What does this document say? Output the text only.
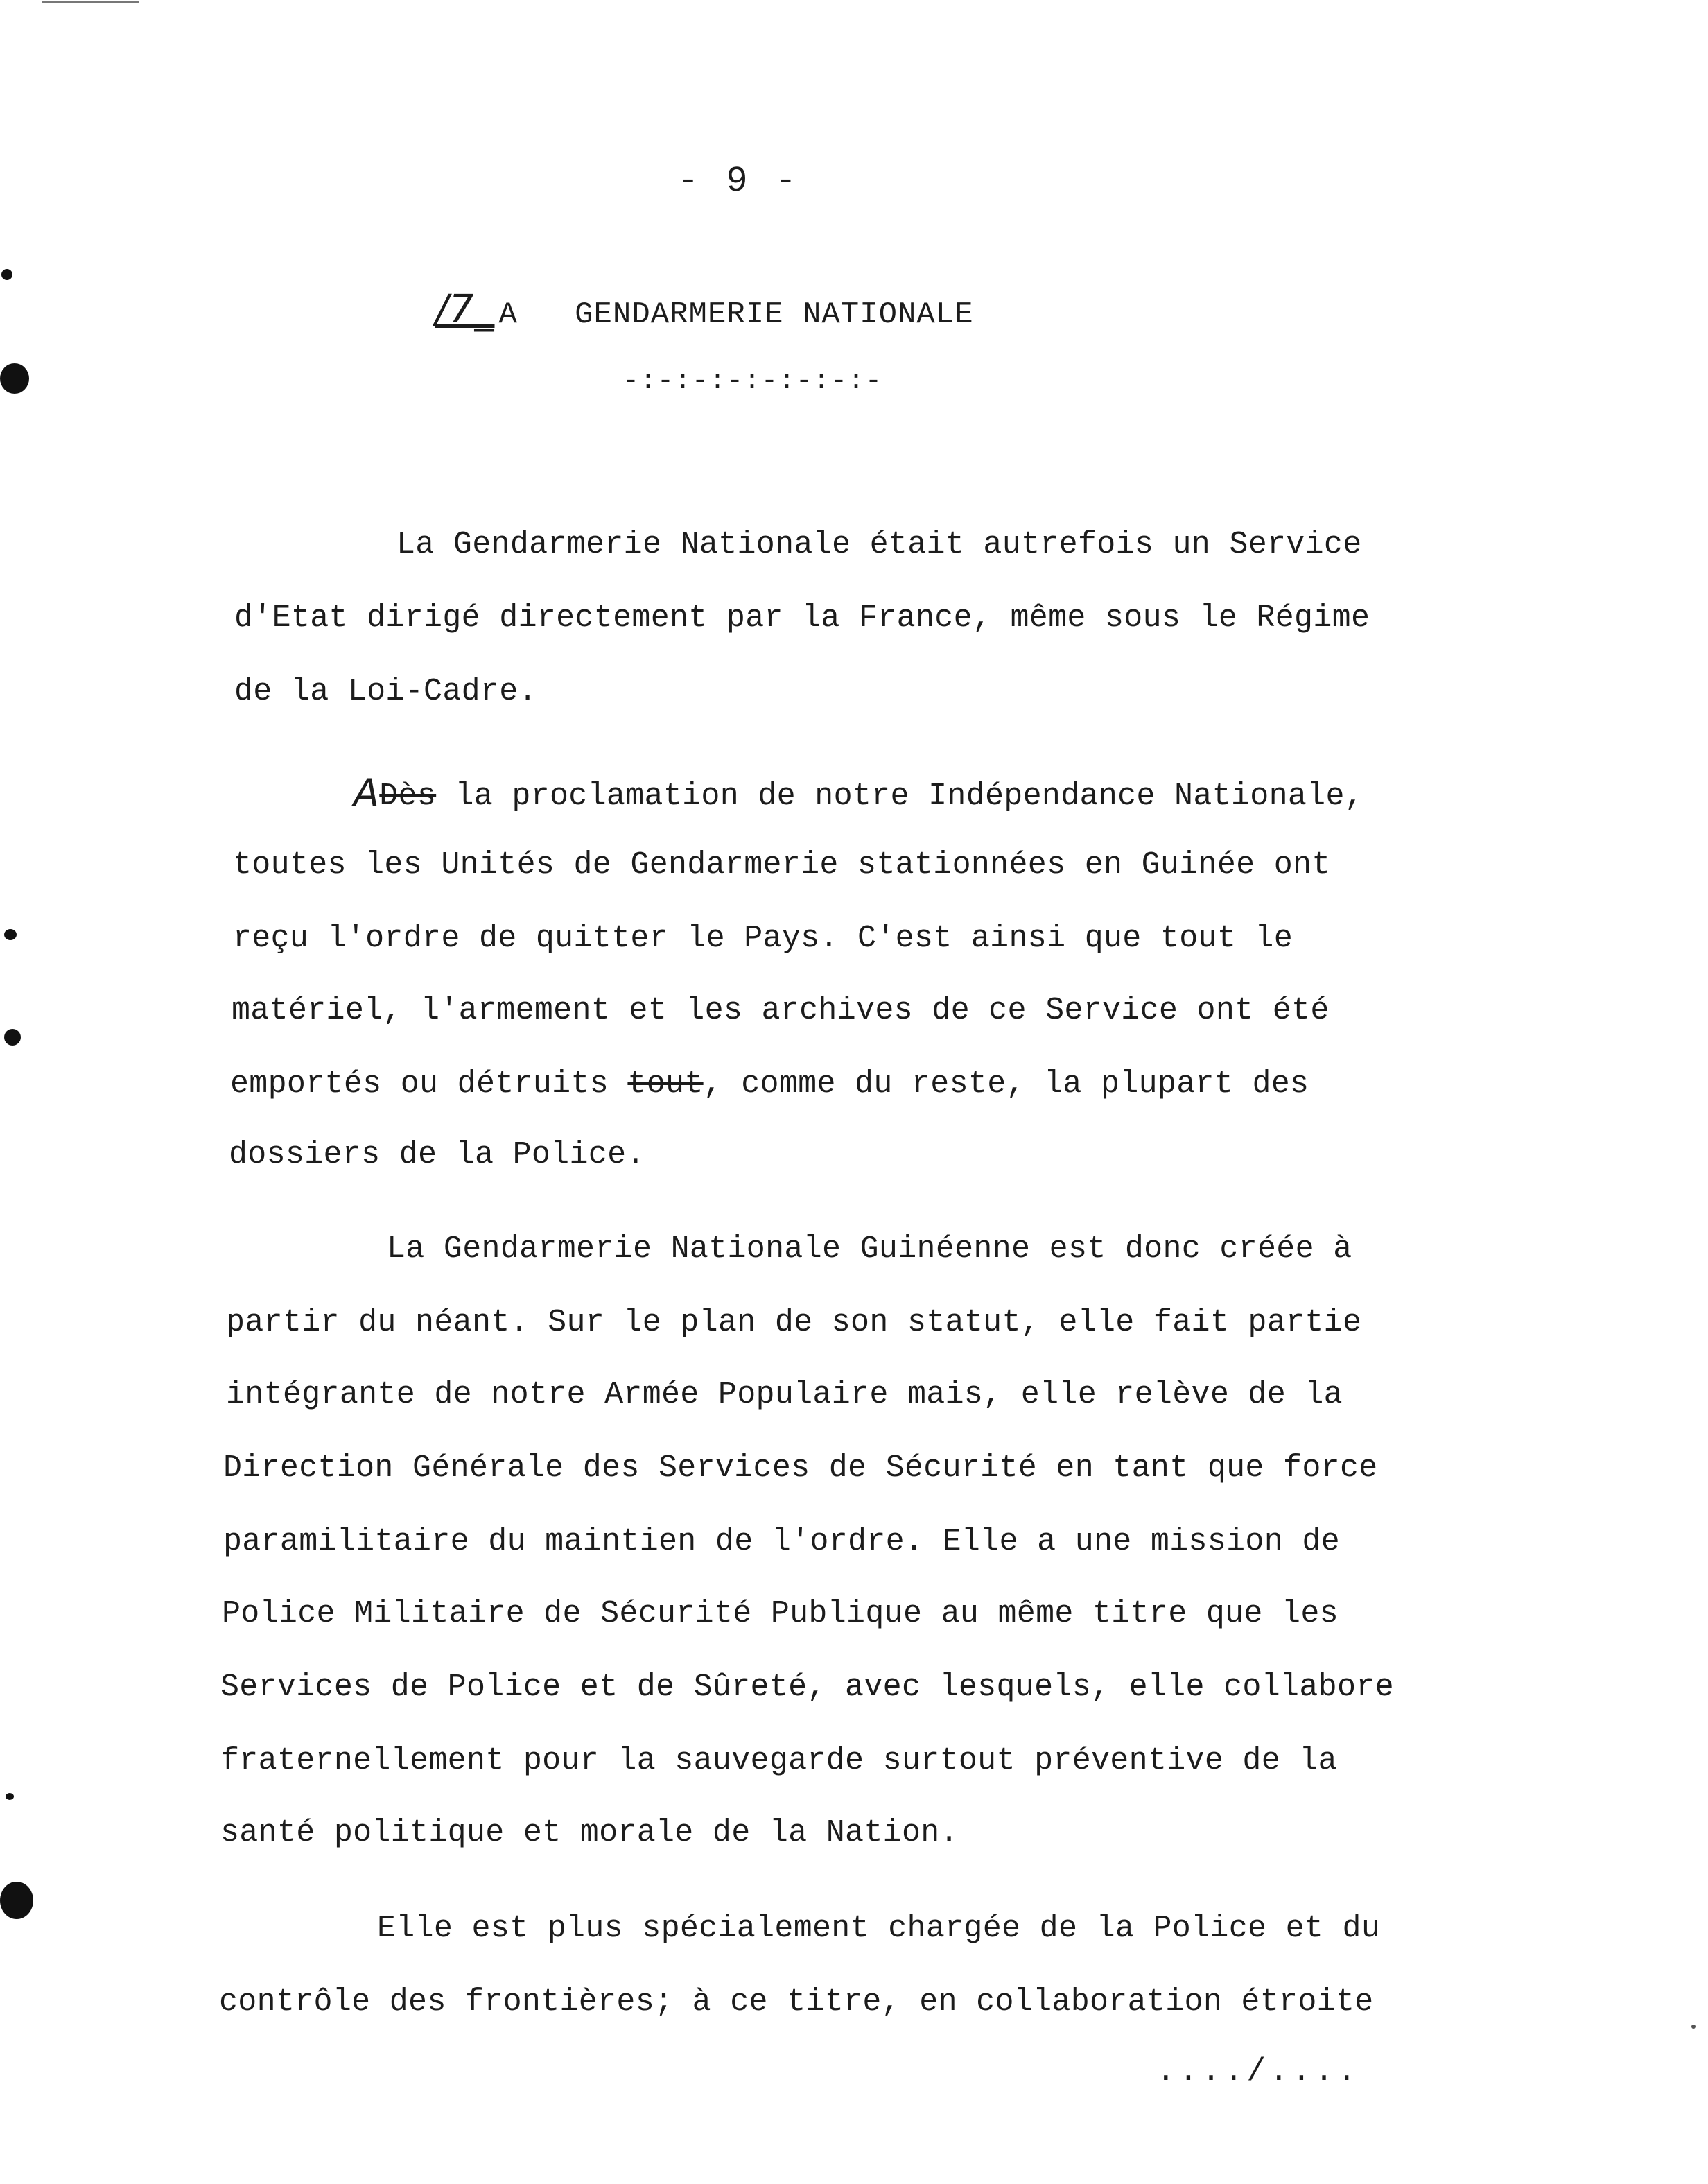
- 9 -
/7_ A   GENDARMERIE NATIONALE
-:-:-:-:-:-:-:-
La Gendarmerie Nationale était autrefois un Service
d'Etat dirigé directement par la France, même sous le Régime
de la Loi-Cadre.
ADès la proclamation de notre Indépendance Nationale,
toutes les Unités de Gendarmerie stationnées en Guinée ont
reçu l'ordre de quitter le Pays. C'est ainsi que tout le
matériel, l'armement et les archives de ce Service ont été
emportés ou détruits tout, comme du reste, la plupart des
dossiers de la Police.
La Gendarmerie Nationale Guinéenne est donc créée à
partir du néant. Sur le plan de son statut, elle fait partie
intégrante de notre Armée Populaire mais, elle relève de la
Direction Générale des Services de Sécurité en tant que force
paramilitaire du maintien de l'ordre. Elle a une mission de
Police Militaire de Sécurité Publique au même titre que les
Services de Police et de Sûreté, avec lesquels, elle collabore
fraternellement pour la sauvegarde surtout préventive de la
santé politique et morale de la Nation.
Elle est plus spécialement chargée de la Police et du
contrôle des frontières; à ce titre, en collaboration étroite
..../....
